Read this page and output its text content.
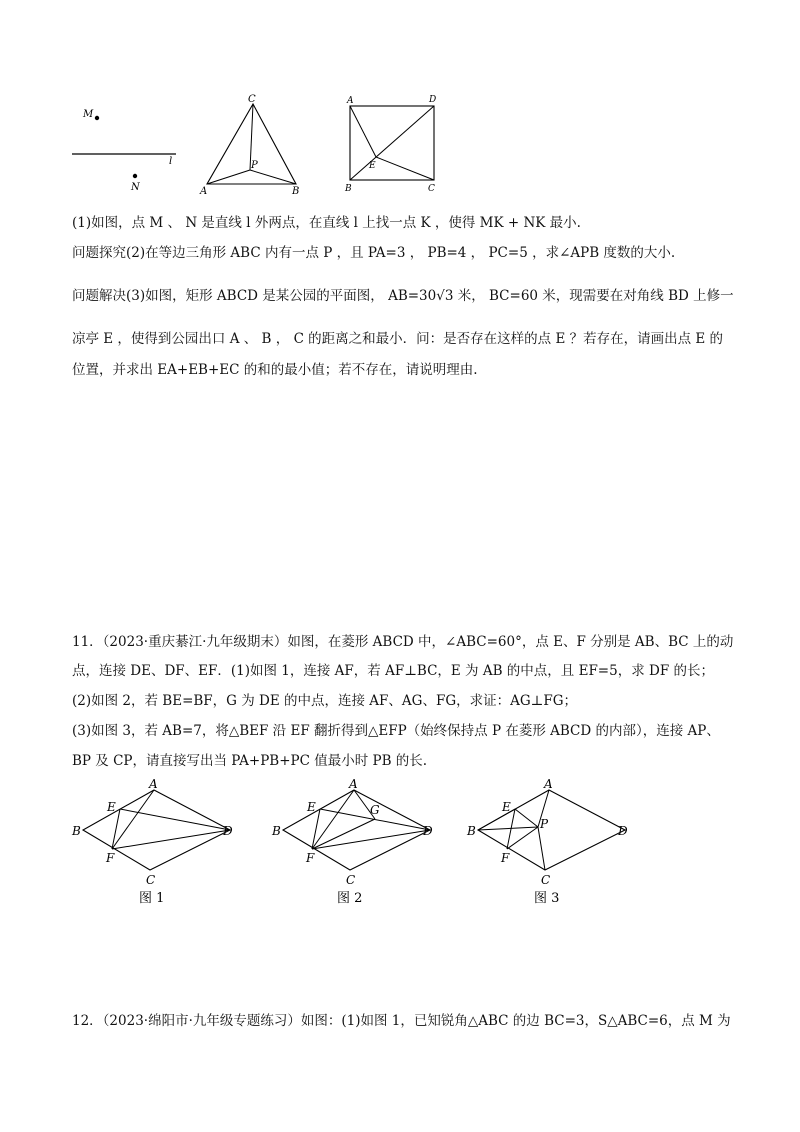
M
l
N
C
P
A	B
A	D
E
B	C
(1)如图，点 M 、 N 是直线 l 外两点，在直线 l 上找一点 K ，使得 MK + NK 最小.
问题探究(2)在等边三角形 ABC 内有一点 P ，且 PA=3 ， PB=4 ， PC=5 ，求∠APB 度数的大小.
问题解决(3)如图，矩形 ABCD 是某公园的平面图， AB=30√3 米， BC=60 米，现需要在对角线 BD 上修一
凉亭 E ，使得到公园出口 A 、 B ， C 的距离之和最小．问：是否存在这样的点 E ？若存在，请画出点 E 的
位置，并求出 EA+EB+EC 的和的最小值；若不存在，请说明理由.
11．（2023·重庆綦江·九年级期末）如图，在菱形 ABCD 中，∠ABC=60°，点 E、F 分别是 AB、BC 上的动
点，连接 DE、DF、EF．(1)如图 1，连接 AF，若 AF⊥BC，E 为 AB 的中点，且 EF=5，求 DF 的长；
(2)如图 2，若 BE=BF，G 为 DE 的中点，连接 AF、AG、FG，求证：AG⊥FG；
(3)如图 3，若 AB=7，将△BEF 沿 EF 翻折得到△EFP（始终保持点 P 在菱形 ABCD 的内部），连接 AP、
BP 及 CP，请直接写出当 PA+PB+PC 值最小时 PB 的长.
A
E
B	D
F
C
图 1
A
E	G
B	D
F
C
图 2
A
E
P
B	D
F
C
图 3
12．（2023·绵阳市·九年级专题练习）如图：(1)如图 1，已知锐角△ABC 的边 BC=3，S△ABC=6，点 M 为
